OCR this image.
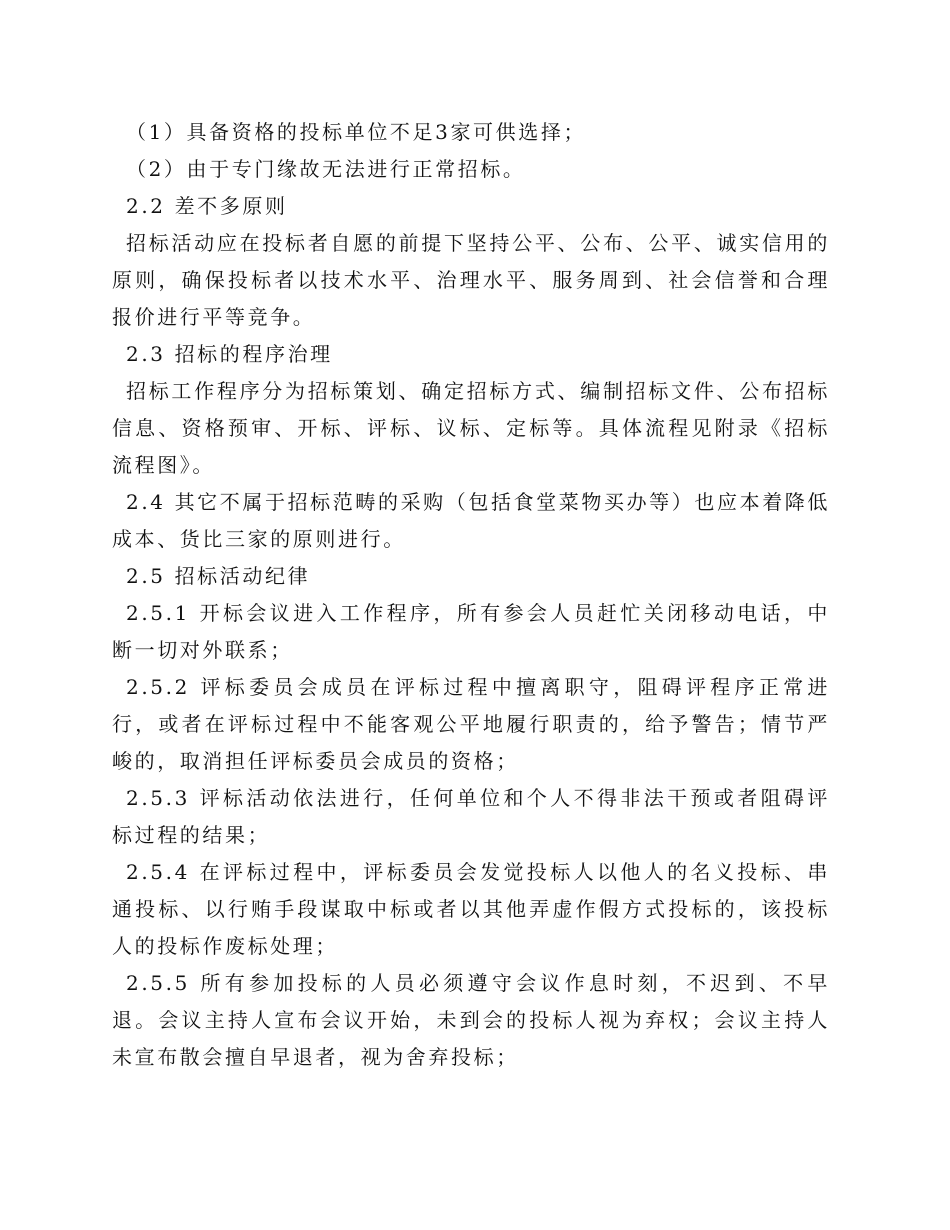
（1）具备资格的投标单位不足3家可供选择；

（2）由于专门缘故无法进行正常招标。

2.2 差不多原则

招标活动应在投标者自愿的前提下坚持公平、公布、公平、诚实信用的原则，确保投标者以技术水平、治理水平、服务周到、社会信誉和合理报价进行平等竞争。

2.3 招标的程序治理

招标工作程序分为招标策划、确定招标方式、编制招标文件、公布招标信息、资格预审、开标、评标、议标、定标等。具体流程见附录《招标流程图》。

2.4 其它不属于招标范畴的采购（包括食堂菜物买办等）也应本着降低成本、货比三家的原则进行。

2.5 招标活动纪律

2.5.1 开标会议进入工作程序，所有参会人员赶忙关闭移动电话，中断一切对外联系；

2.5.2 评标委员会成员在评标过程中擅离职守，阻碍评程序正常进行，或者在评标过程中不能客观公平地履行职责的，给予警告；情节严峻的，取消担任评标委员会成员的资格；

2.5.3 评标活动依法进行，任何单位和个人不得非法干预或者阻碍评标过程的结果；

2.5.4 在评标过程中，评标委员会发觉投标人以他人的名义投标、串通投标、以行贿手段谋取中标或者以其他弄虚作假方式投标的，该投标人的投标作废标处理；

2.5.5 所有参加投标的人员必须遵守会议作息时刻，不迟到、不早退。会议主持人宣布会议开始，未到会的投标人视为弃权；会议主持人未宣布散会擅自早退者，视为舍弃投标；
